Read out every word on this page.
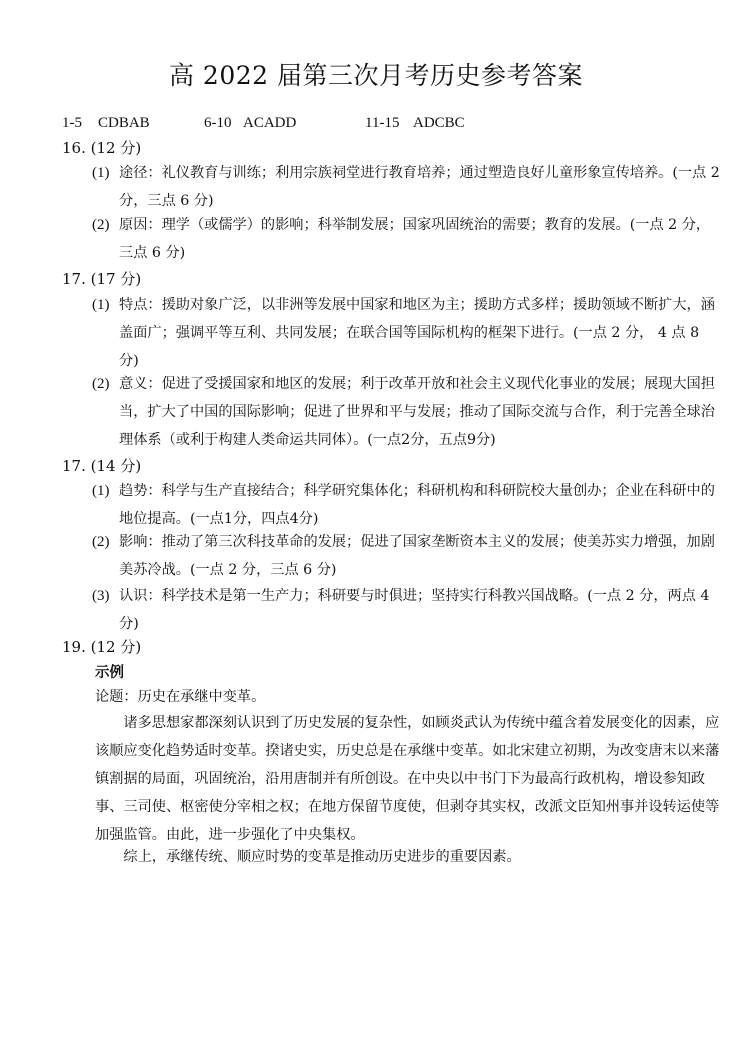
高 2022 届第三次月考历史参考答案
1-5 CDBAB	6-10 ACADD	11-15 ADCBC
16. (12 分)
(1) 途径：礼仪教育与训练；利用宗族祠堂进行教育培养；通过塑造良好儿童形象宣传培养。(一点 2 分，三点 6 分)
(2) 原因：理学（或儒学）的影响；科举制发展；国家巩固统治的需要；教育的发展。(一点 2 分，三点 6 分)
17. (17 分)
(1) 特点：援助对象广泛，以非洲等发展中国家和地区为主；援助方式多样；援助领域不断扩大，涵盖面广；强调平等互利、共同发展；在联合国等国际机构的框架下进行。(一点 2 分， 4 点 8 分)
(2) 意义：促进了受援国家和地区的发展；利于改革开放和社会主义现代化事业的发展；展现大国担当，扩大了中国的国际影响；促进了世界和平与发展；推动了国际交流与合作，利于完善全球治理体系（或利于构建人类命运共同体）。(一点2分，五点9分)
17. (14 分)
(1) 趋势：科学与生产直接结合；科学研究集体化；科研机构和科研院校大量创办；企业在科研中的地位提高。(一点1分，四点4分)
(2) 影响：推动了第三次科技革命的发展；促进了国家垄断资本主义的发展；使美苏实力增强，加剧美苏冷战。(一点 2 分，三点 6 分)
(3) 认识：科学技术是第一生产力；科研要与时俱进；坚持实行科教兴国战略。(一点 2 分，两点 4 分)
19. (12 分)
示例
论题：历史在承继中变革。
诸多思想家都深刻认识到了历史发展的复杂性，如顾炎武认为传统中蕴含着发展变化的因素，应该顺应变化趋势适时变革。揆诸史实，历史总是在承继中变革。如北宋建立初期，为改变唐末以来藩镇割据的局面，巩固统治，沿用唐制并有所创设。在中央以中书门下为最高行政机构，增设参知政事、三司使、枢密使分宰相之权；在地方保留节度使，但剥夺其实权，改派文臣知州事并设转运使等加强监管。由此，进一步强化了中央集权。
综上，承继传统、顺应时势的变革是推动历史进步的重要因素。
